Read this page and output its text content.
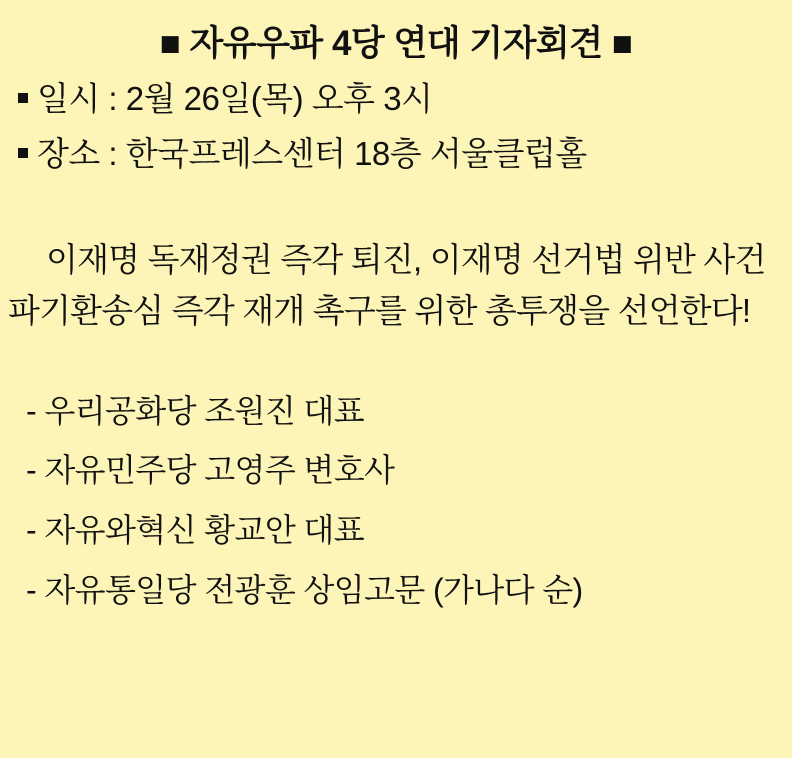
■ 자유우파 4당 연대 기자회견 ■
일시 : 2월 26일(목) 오후 3시
장소 : 한국프레스센터 18층 서울클럽홀
이재명 독재정권 즉각 퇴진, 이재명 선거법 위반 사건 파기환송심 즉각 재개 촉구를 위한 총투쟁을 선언한다!
- 우리공화당 조원진 대표
- 자유민주당 고영주 변호사
- 자유와혁신 황교안 대표
- 자유통일당 전광훈 상임고문 (가나다 순)
